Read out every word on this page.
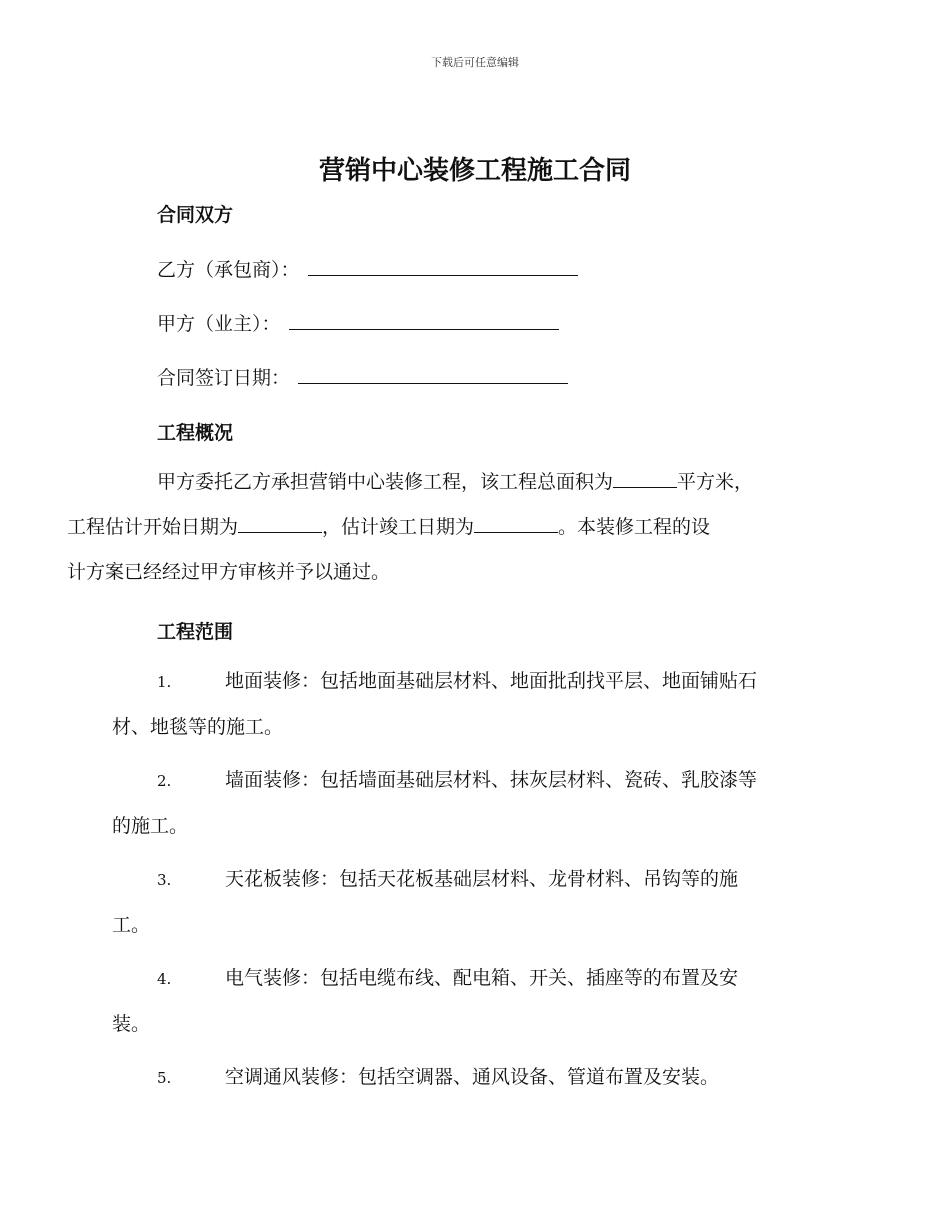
下载后可任意编辑
营销中心装修工程施工合同
合同双方
乙方（承包商）：
甲方（业主）：
合同签订日期：
工程概况
甲方委托乙方承担营销中心装修工程，该工程总面积为	平方米，
工程估计开始日期为	，估计竣工日期为	。本装修工程的设
计方案已经经过甲方审核并予以通过。
工程范围
1.	地面装修：包括地面基础层材料、地面批刮找平层、地面铺贴石
材、地毯等的施工。
2.	墙面装修：包括墙面基础层材料、抹灰层材料、瓷砖、乳胶漆等
的施工。
3.	天花板装修：包括天花板基础层材料、龙骨材料、吊钩等的施
工。
4.	电气装修：包括电缆布线、配电箱、开关、插座等的布置及安
装。
5.	空调通风装修：包括空调器、通风设备、管道布置及安装。
